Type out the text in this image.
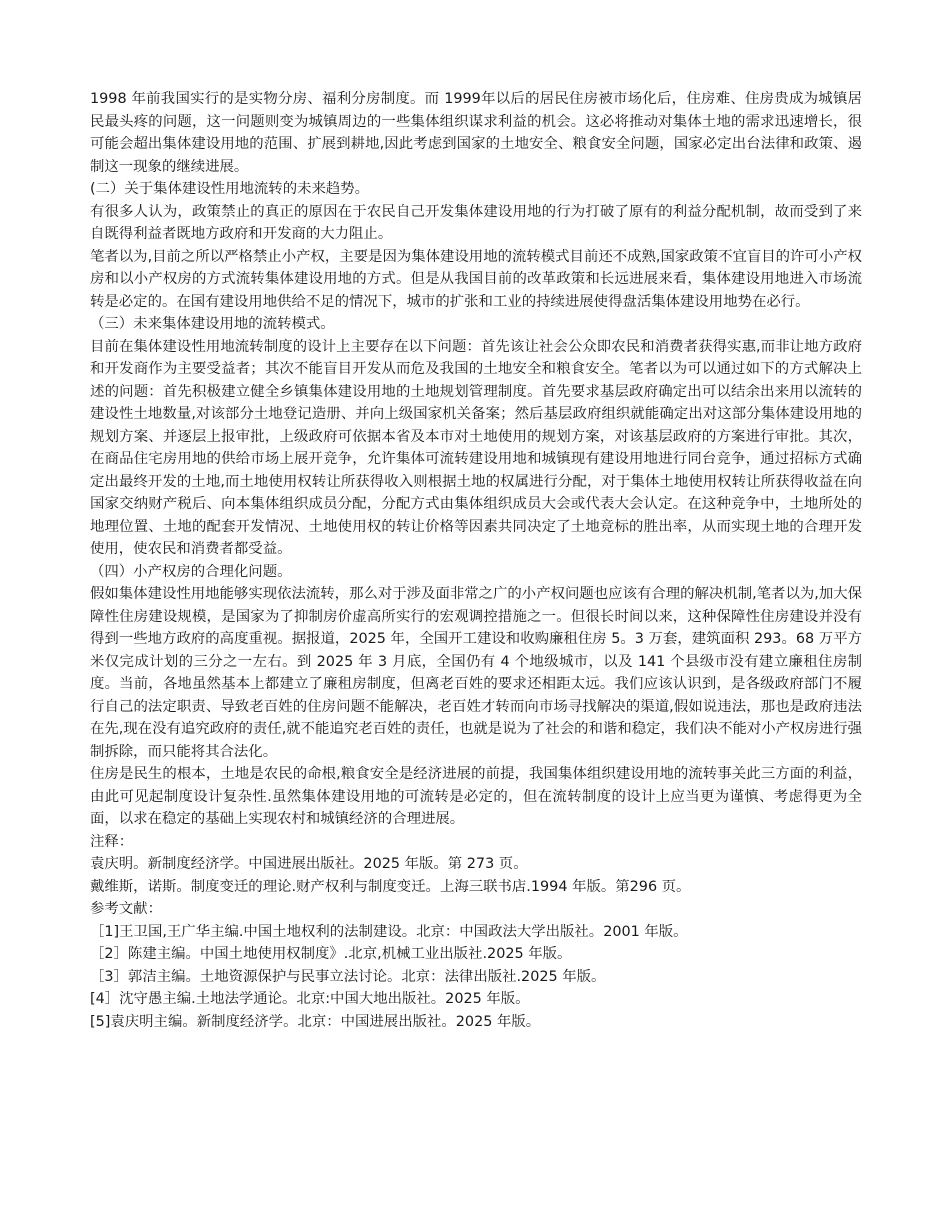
1998 年前我国实行的是实物分房、福利分房制度。而 1999年以后的居民住房被市场化后，住房难、住房贵成为城镇居民最头疼的问题，这一问题则变为城镇周边的一些集体组织谋求利益的机会。这必将推动对集体土地的需求迅速增长，很可能会超出集体建设用地的范围、扩展到耕地,因此考虑到国家的土地安全、粮食安全问题，国家必定出台法律和政策、遏制这一现象的继续进展。

(二）关于集体建设性用地流转的未来趋势。

有很多人认为，政策禁止的真正的原因在于农民自己开发集体建设用地的行为打破了原有的利益分配机制，故而受到了来自既得利益者既地方政府和开发商的大力阻止。

笔者以为,目前之所以严格禁止小产权，主要是因为集体建设用地的流转模式目前还不成熟,国家政策不宜盲目的许可小产权房和以小产权房的方式流转集体建设用地的方式。但是从我国目前的改革政策和长远进展来看，集体建设用地进入市场流转是必定的。在国有建设用地供给不足的情况下，城市的扩张和工业的持续进展使得盘活集体建设用地势在必行。

（三）未来集体建设用地的流转模式。

目前在集体建设性用地流转制度的设计上主要存在以下问题：首先该让社会公众即农民和消费者获得实惠,而非让地方政府和开发商作为主要受益者；其次不能盲目开发从而危及我国的土地安全和粮食安全。笔者以为可以通过如下的方式解决上述的问题：首先积极建立健全乡镇集体建设用地的土地规划管理制度。首先要求基层政府确定出可以结余出来用以流转的建设性土地数量,对该部分土地登记造册、并向上级国家机关备案；然后基层政府组织就能确定出对这部分集体建设用地的规划方案、并逐层上报审批，上级政府可依据本省及本市对土地使用的规划方案，对该基层政府的方案进行审批。其次，在商品住宅房用地的供给市场上展开竞争，允许集体可流转建设用地和城镇现有建设用地进行同台竞争，通过招标方式确定出最终开发的土地,而土地使用权转让所获得收入则根据土地的权属进行分配，对于集体土地使用权转让所获得收益在向国家交纳财产税后、向本集体组织成员分配，分配方式由集体组织成员大会或代表大会认定。在这种竞争中，土地所处的地理位置、土地的配套开发情况、土地使用权的转让价格等因素共同决定了土地竞标的胜出率，从而实现土地的合理开发使用，使农民和消费者都受益。

（四）小产权房的合理化问题。

假如集体建设性用地能够实现依法流转，那么对于涉及面非常之广的小产权问题也应该有合理的解决机制,笔者以为,加大保障性住房建设规模，是国家为了抑制房价虚高所实行的宏观调控措施之一。但很长时间以来，这种保障性住房建设并没有得到一些地方政府的高度重视。据报道，2025 年，全国开工建设和收购廉租住房 5。3 万套，建筑面积 293。68 万平方米仅完成计划的三分之一左右。到 2025 年 3 月底，全国仍有 4 个地级城市，以及 141 个县级市没有建立廉租住房制度。当前，各地虽然基本上都建立了廉租房制度，但离老百姓的要求还相距太远。我们应该认识到，是各级政府部门不履行自己的法定职责、导致老百姓的住房问题不能解决，老百姓才转而向市场寻找解决的渠道,假如说违法，那也是政府违法在先,现在没有追究政府的责任,就不能追究老百姓的责任，也就是说为了社会的和谐和稳定，我们决不能对小产权房进行强制拆除，而只能将其合法化。

住房是民生的根本，土地是农民的命根,粮食安全是经济进展的前提，我国集体组织建设用地的流转事关此三方面的利益，由此可见起制度设计复杂性.虽然集体建设用地的可流转是必定的，但在流转制度的设计上应当更为谨慎、考虑得更为全面，以求在稳定的基础上实现农村和城镇经济的合理进展。

注释：

袁庆明。新制度经济学。中国进展出版社。2025 年版。第 273 页。

戴维斯，诺斯。制度变迁的理论.财产权利与制度变迁。上海三联书店.1994 年版。第296 页。

参考文献：

［1]王卫国,王广华主编.中国土地权利的法制建设。北京：中国政法大学出版社。2001 年版。

［2］陈建主编。中国土地使用权制度》.北京,机械工业出版社.2025 年版。

［3］郭洁主编。土地资源保护与民事立法讨论。北京：法律出版社.2025 年版。

[4］沈守愚主编.土地法学通论。北京:中国大地出版社。2025 年版。

[5]袁庆明主编。新制度经济学。北京：中国进展出版社。2025 年版。
